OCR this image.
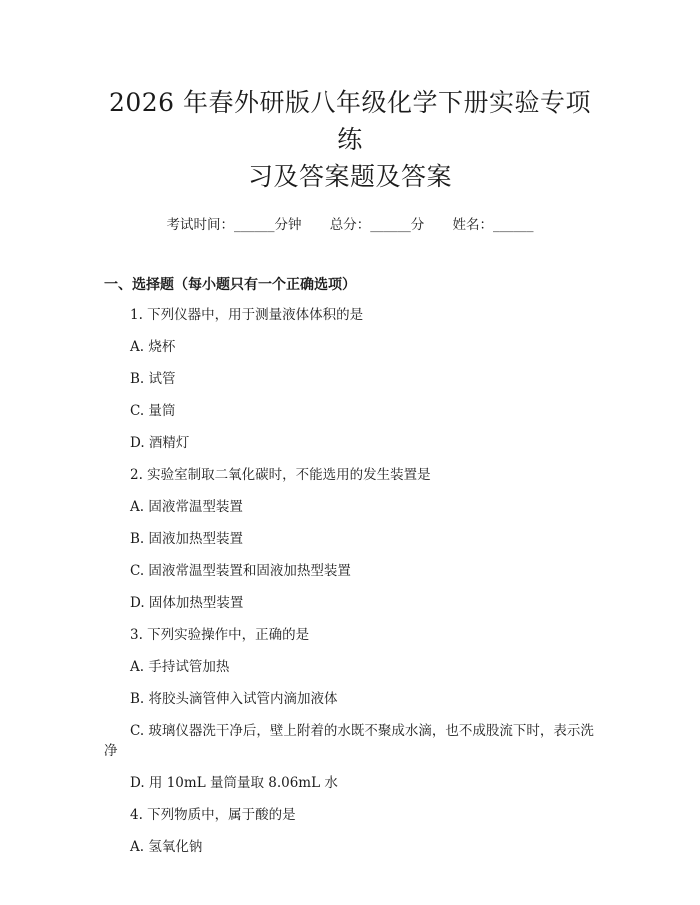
2026 年春外研版八年级化学下册实验专项练
习及答案题及答案
考试时间：______分钟 总分：______分 姓名：______
一、选择题（每小题只有一个正确选项）

1. 下列仪器中，用于测量液体体积的是

A. 烧杯

B. 试管

C. 量筒

D. 酒精灯

2. 实验室制取二氧化碳时，不能选用的发生装置是

A. 固液常温型装置

B. 固液加热型装置

C. 固液常温型装置和固液加热型装置

D. 固体加热型装置

3. 下列实验操作中，正确的是

A. 手持试管加热

B. 将胶头滴管伸入试管内滴加液体

C. 玻璃仪器洗干净后，壁上附着的水既不聚成水滴，也不成股流下时，表示洗净

D. 用 10mL 量筒量取 8.06mL 水

4. 下列物质中，属于酸的是

A. 氢氧化钠
